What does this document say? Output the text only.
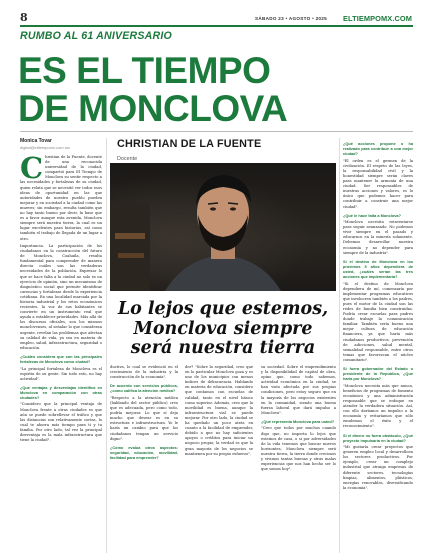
8	SÁBADO 23 • AGOSTO • 2025 ELTIEMPOMX.COM
RUMBO AL 61 ANIVERSARIO
ES EL TIEMPO
DE MONCLOVA
Monica Tovar
digital@eltiempomx.com.mx

Christian de la Fuente, docente de una reconocida universidad de la ciudad, compartió para El Tiempo de Monclova su sentir respecto a las necesidades y fortalezas de su ciudad, quien relata que se necesitó ver todos esos ideas de oportunidad en las que autoridades de nuestro pueblo pueden mejorar y en sociedad a la ciudad como las mueves; sin embargo, resulta también que no hay tanto bueno por decir, la base que es a favor aunque esta avenida, Monclova siempre será nuestra tierra, la cual es un lugar excelentes para historias, así como también el trabajo de llegada de un lugar a otro.

Importancia. La participación de los ciudadanos en la construcción del futuro de Monclova, Coahuila, resulta fundamental para comprender de manera directa cuáles son las verdaderas necesidades de la población. Expresar lo que se hace falta a la ciudad no solo es un ejercicio de opinión, sino un mecanismo de diagnóstico social que permite identificar carencias y fortalezas desde la experiencia cotidiana. En una localidad marcada por la historia industrial y los retos económicos recientes, la voz de sus habitantes se convierte en un instrumento real que ayuda a establecer prioridades. Más allá de los discursos oficiales, son los mismos monclovenses, al señalar lo que consideran urgente, revelan las problemas que afectan su calidad de vida, ya sea en materia de empleo, salud, infraestructura, seguridad o educación.

¿Cuáles considera que son las principales fortalezas de Monclova como ciudad?

"La principal fortaleza de Monclova es el espíritu de su gente. Sin todo esto, no hay actividad".

¿Qué ventajas y desventajas identifica en Monclova en comparación con otras ciudades?

"Considero que la principal ventaja de Monclova frente a otras ciudades es que aún se puede sobrellevar el tráfico y que las distancias son relativamente cortas, lo cual te ahorra más tiempo para ti y tu familia. Por otro lado, tal vez la principal desventaja es la mala infraestructura que tiene la ciudad".

CHRISTIAN DE LA FUENTE
Docente
Lo lejos que estemos, Monclova siempre será nuestra tierra

ductiva, lo cual se evidenció en el crecimiento de la industria y la construcción de la economía".

De acuerdo con servicios públicos, ¿cómo califica la atención médica?

"Respecto a la atención médica (hablando del sector público) creo que es adecuada, pero como todo, podría mejorar. Lo que sí deja mucho que desear es en su estructura e infraestructura. Yo le haría un cambio para que los ciudadanos tengan un servicio digno".

¿Cómo evalúa otros aspectos: seguridad, educación, movilidad, facilidad para emprender?

der? "Sobre la seguridad, creo que en lo particular Monclova goza y es uno de los municipios con menos índices de delincuencia. Hablando en materia de educación, considero que contamos con escuelas de calidad, tanto en el nivel básico como superior. Además, creo que la movilidad es buena, aunque la infraestructura vial se puede mejorar. Por otro lado, la ciudad se ha quedado un poco atrás en cuanto a la facilidad de emprender, debido a que no hay suficientes apoyos o créditos para iniciar un negocio propio; la verdad es que la gran mayoría de los negocios se mantienen por su propio esfuerzo".

su sociedad. Sobre el emprendimiento y la disponibilidad de capital de obra, opino que, como todo sabemos, actividad económica en la ciudad, se han visto afectada por sus propias condiciones, pero estoy seguro que en la mayoría de los negocios existentes en la comunidad, siendo una buena fuerza laboral que dará impulso a Monclova".

¿Qué representa Monclova para usted?

"Creo que todos por muchos cuando digo que, no importa lo lejos que estemos de casa, o si por adversidades de la vida tenemos que buscar nuevos horizontes, Monclova siempre será nuestra tierra, la tierra donde crecimos y vivimos tantas buenas y otras malas experiencias que nos han hecho ser lo que somos hoy".

¿Qué acciones propone o ha realizado para contribuir a una mejor ciudad?

"El orden es el germen de la civilización. El respeto de las leyes, la responsabilidad civil y la honestidad siempre serán claves para mantener la armonía de una ciudad. Ser responsables de nuestras acciones y valores, es lo único que podemos hacer para contribuir a construir una mejor ciudad".

¿Qué le hace falta a Monclova?

"Monclova necesita reinventarse para seguir avanzando. No podemos vivir siempre en el pasado y educarnos en la minería solamente. Debemos desarrollar nuestra economía y no depender para siempre de la industria".

Si el destino de Monclova en los próximos 5 años dependiera de usted, ¿cuáles serían las tres acciones que implementaría?

"Si el destino de Monclova dependiera de mí, comenzaría por implementar programas educativos que involucren también a los padres, pues el motor de la ciudad son las redes de familia bien construidas. Podría crear escuelas para padres donde trabaje la comunicación familiar. También sería bueno una mejor cultura de educación financiera, ya que haría más ciudadanos productivos, prevención de adicciones, salud mental, sexualidad responsable, entre otros temas que favorezcan el núcleo comunitario".

Si fuera gobernador del Estado o presidente de la República, ¿Qué haría por Monclova?

"Monclova necesita más que nunca, beneficios de programas de fomento económico y una administración responsable que se enfoque en atender la verdadera situación. Así, con ello daríamos un impulso a la economía y evitaríamos que sólo emulemos el éxito y el reconocimiento".

Si el dinero no fuera obstáculo, ¿Qué proyecto impulsaría en la ciudad?

"Mi gustaría crear proyectos que generen empleo local y desarrolloen los sectores productivos. Por ejemplo, crear un complejo industrial que atraiga empresas de diferente sectores, tecnologías limpias, alimentos, plásticos, energías renovables, diversificando la economía".
